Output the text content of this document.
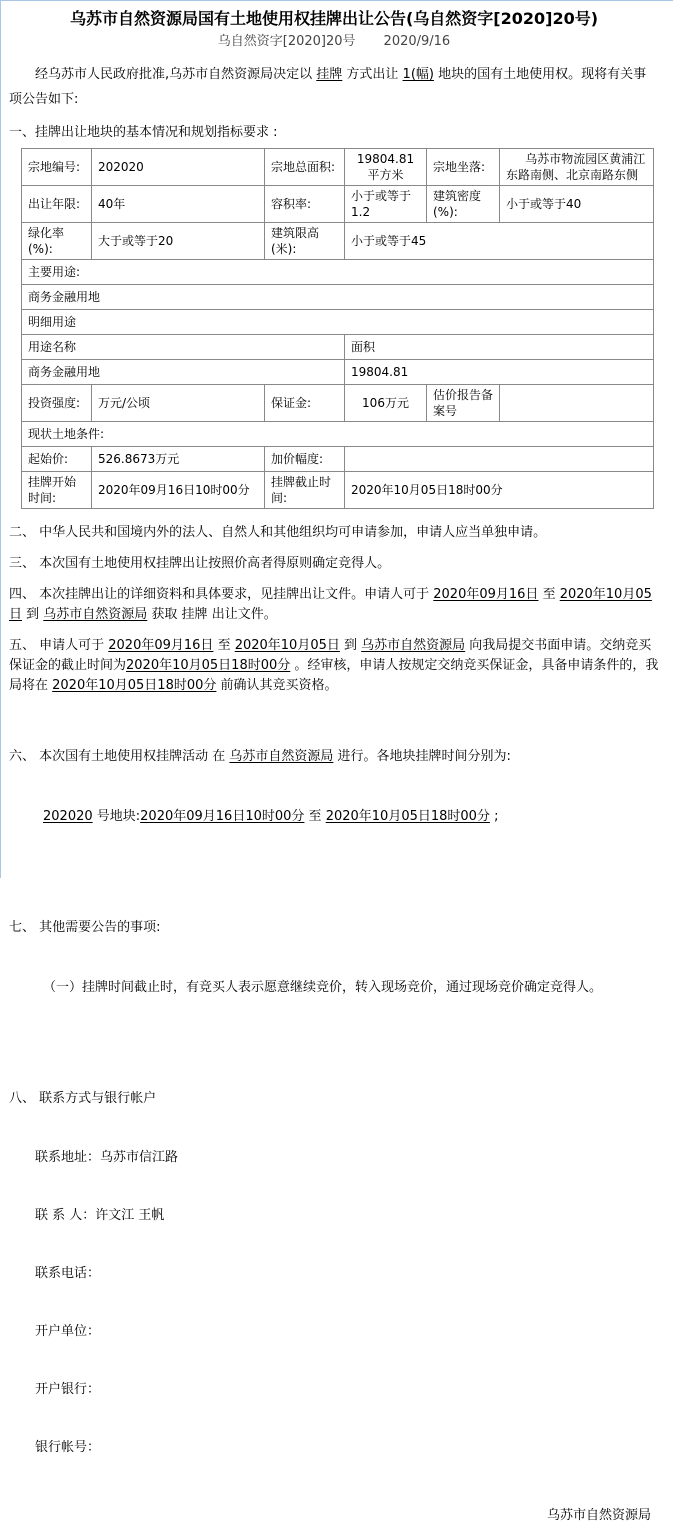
乌苏市自然资源局国有土地使用权挂牌出让公告(乌自然资字[2020]20号)
乌自然资字[2020]20号 2020/9/16
经乌苏市人民政府批准,乌苏市自然资源局决定以 挂牌 方式出让 1(幅) 地块的国有土地使用权。现将有关事项公告如下:
一、挂牌出让地块的基本情况和规划指标要求 :
宗地编号:	202020	宗地总面积:	19804.81平方米	宗地坐落:	乌苏市物流园区黄浦江东路南侧、北京南路东侧
出让年限:	40年	容积率:	小于或等于1.2	建筑密度(%):	小于或等于40
绿化率(%):	大于或等于20	建筑限高(米):	小于或等于45		
主要用途:					
商务金融用地					
明细用途					
用途名称			面积		
商务金融用地			19804.81		
投资强度:	万元/公顷	保证金:	106万元	估价报告备案号	
现状土地条件:					
起始价:	526.8673万元	加价幅度:			
挂牌开始时间:	2020年09月16日10时00分	挂牌截止时间:	2020年10月05日18时00分		
二、 中华人民共和国境内外的法人、自然人和其他组织均可申请参加，申请人应当单独申请。
三、 本次国有土地使用权挂牌出让按照价高者得原则确定竞得人。
四、 本次挂牌出让的详细资料和具体要求，见挂牌出让文件。申请人可于 2020年09月16日 至 2020年10月05日 到 乌苏市自然资源局 获取 挂牌 出让文件。
五、 申请人可于 2020年09月16日 至 2020年10月05日 到 乌苏市自然资源局 向我局提交书面申请。交纳竞买保证金的截止时间为2020年10月05日18时00分 。经审核，申请人按规定交纳竞买保证金，具备申请条件的，我局将在 2020年10月05日18时00分 前确认其竞买资格。

六、 本次国有土地使用权挂牌活动 在 乌苏市自然资源局 进行。各地块挂牌时间分别为:

202020 号地块:2020年09月16日10时00分 至 2020年10月05日18时00分 ;

七、 其他需要公告的事项:

（一）挂牌时间截止时，有竞买人表示愿意继续竞价，转入现场竞价，通过现场竞价确定竞得人。

八、 联系方式与银行帐户

联系地址：乌苏市信江路

联 系 人：许文江 王帆

联系电话：

开户单位：

开户银行：

银行帐号：

乌苏市自然资源局
